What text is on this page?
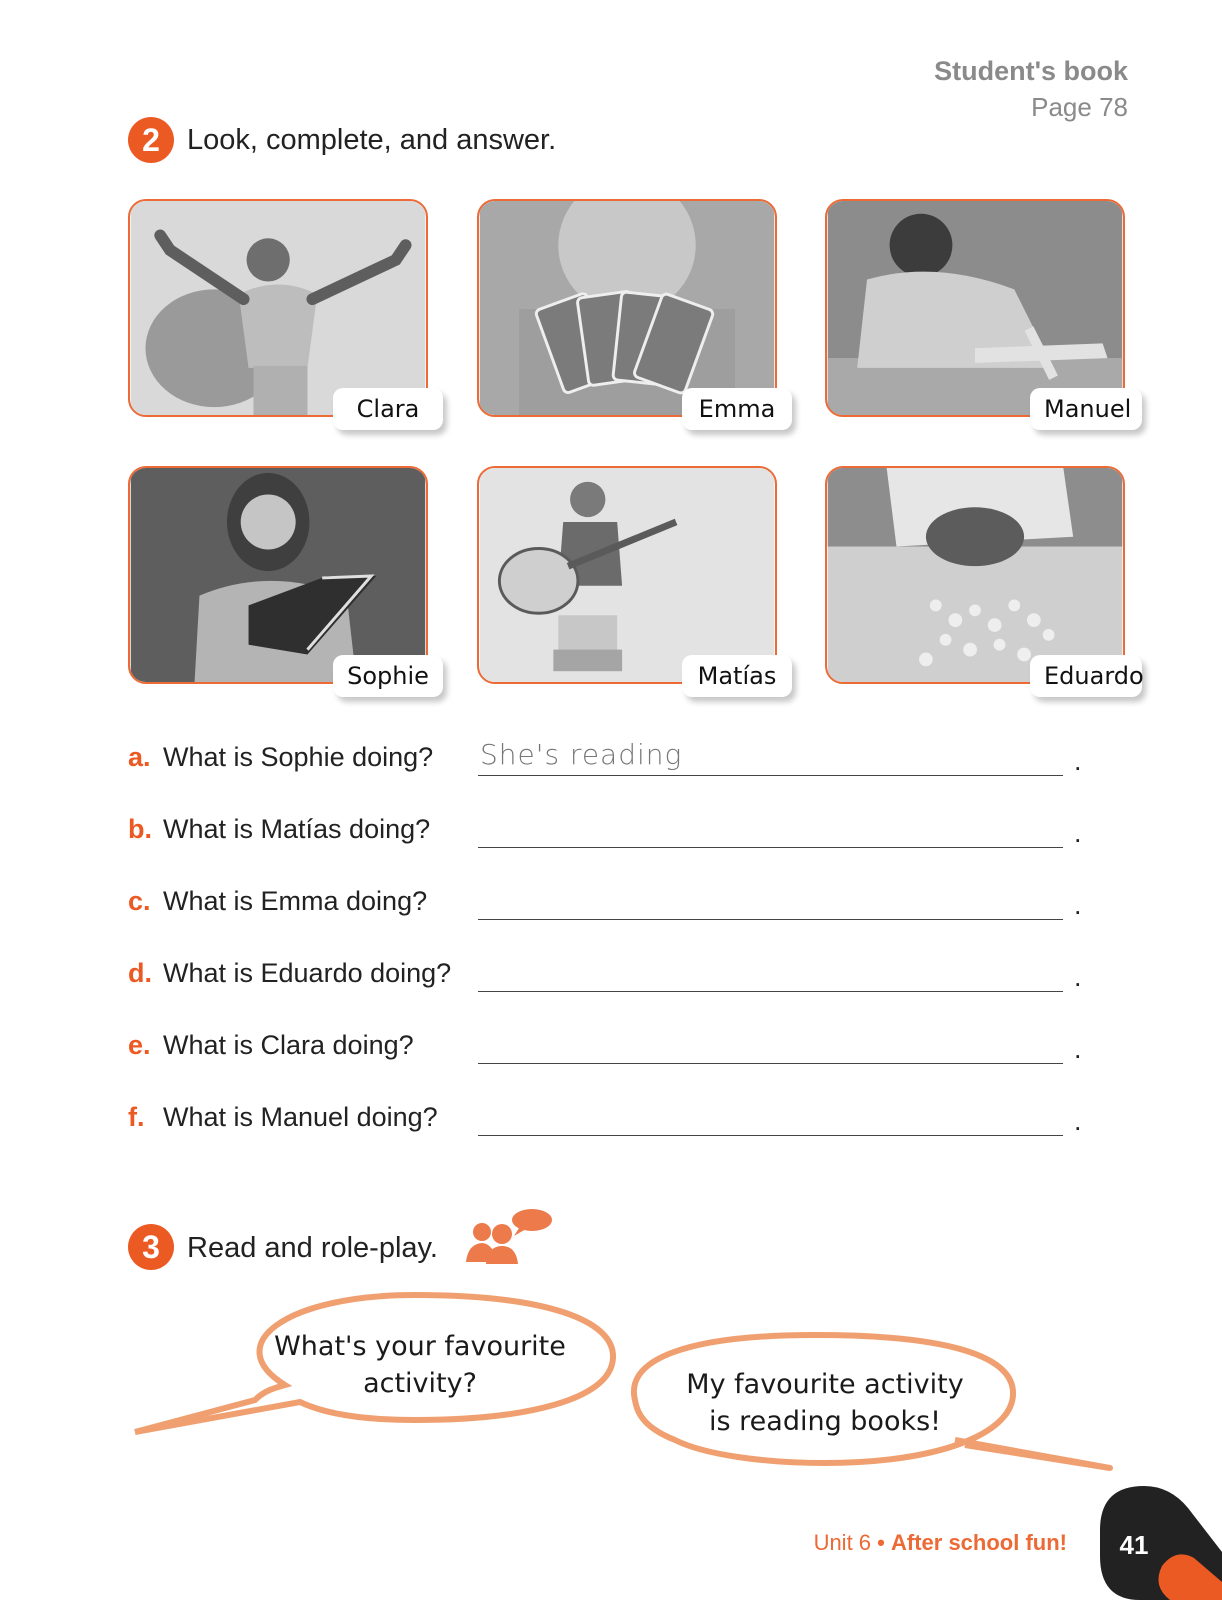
Student's book
Page 78
2 Look, complete, and answer.
Clara	Emma	Manuel
Sophie	Matías	Eduardo
a. What is Sophie doing? She's reading	.
b. What is Matías doing?	.
c. What is Emma doing?	.
d. What is Eduardo doing?	.
e. What is Clara doing?	.
f. What is Manuel doing?	.
3 Read and role-play.
What's your favourite
activity?	My favourite activity
is reading books!
Unit 6 • After school fun!	41
